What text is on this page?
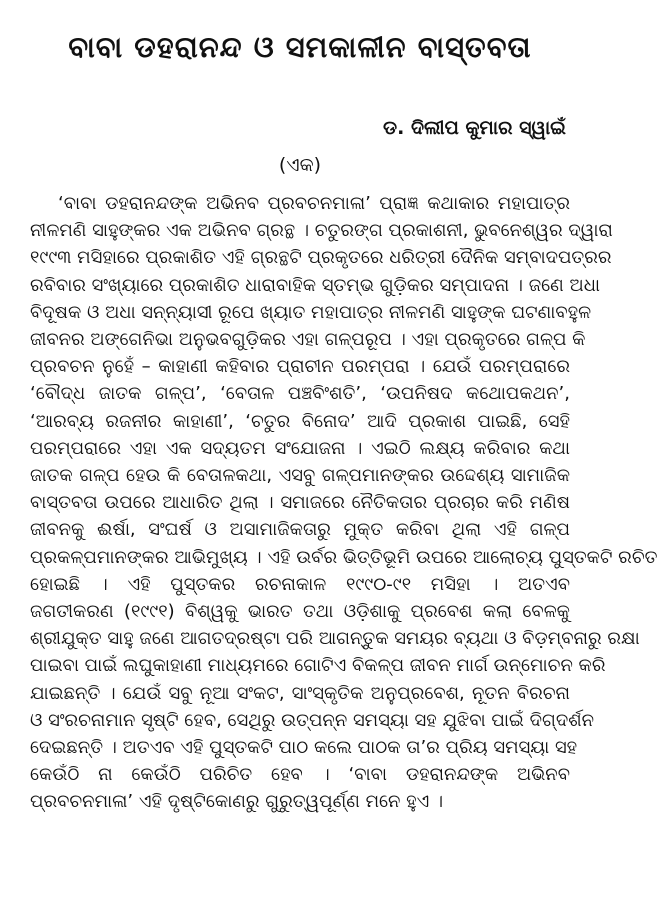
ବାବା ଡହରାନନ୍ଦ ଓ ସମକାଳୀନ ବାସ୍ତବତା
ଡ. ଦିଲୀପ କୁମାର ସ୍ୱାଇଁ
(ଏକ)
‘ବାବା ଡହରାନନ୍ଦଙ୍କ ଅଭିନବ ପ୍ରବଚନମାଳା’ ପ୍ରାଜ୍ଞ କଥାକାର ମହାପାତ୍ର
ନୀଳମଣି ସାହୁଙ୍କର ଏକ ଅଭିନବ ଗ୍ରନ୍ଥ । ଚତୁରଙ୍ଗ ପ୍ରକାଶନୀ, ଭୁବନେଶ୍ୱର ଦ୍ୱାରା
୧୯୯୩ ମସିହାରେ ପ୍ରକାଶିତ ଏହି ଗ୍ରନ୍ଥଟି ପ୍ରକୃତରେ ଧରିତ୍ରୀ ଦୈନିକ ସମ୍ବାଦପତ୍ରର
ରବିବାର ସଂଖ୍ୟାରେ ପ୍ରକାଶିତ ଧାରାବାହିକ ସ୍ତମ୍ଭ ଗୁଡ଼ିକର ସମ୍ପାଦନା । ଜଣେ ଅଧା
ବିଦୂଷକ ଓ ଅଧା ସନ୍ନ୍ୟାସୀ ରୂପେ ଖ୍ୟାତ ମହାପାତ୍ର ନୀଳମଣି ସାହୁଙ୍କ ଘଟଣାବହୁଳ
ଜୀବନର ଅଙ୍ଗେନିଭା ଅନୁଭବଗୁଡ଼ିକର ଏହା ଗଳ୍ପରୂପ । ଏହା ପ୍ରକୃତରେ ଗଳ୍ପ କି
ପ୍ରବଚନ ନୁହେଁ – କାହାଣୀ କହିବାର ପ୍ରାଚୀନ ପରମ୍ପରା । ଯେଉଁ ପରମ୍ପରାରେ
‘ବୌଦ୍ଧ ଜାତକ ଗଳ୍ପ’, ‘ବେତାଳ ପଞ୍ଚବିଂଶତି’, ‘ଉପନିଷଦ କଥୋପକଥନ’,
‘ଆରବ୍ୟ ରଜନୀର କାହାଣୀ’, ‘ଚତୁର ବିନୋଦ’ ଆଦି ପ୍ରକାଶ ପାଇଛି, ସେହି
ପରମ୍ପରାରେ ଏହା ଏକ ସଦ୍ୟତମ ସଂଯୋଜନା । ଏଇଠି ଲକ୍ଷ୍ୟ କରିବାର କଥା
ଜାତକ ଗଳ୍ପ ହେଉ କି ବେତାଳକଥା, ଏସବୁ ଗଳ୍ପମାନଙ୍କର ଉଦ୍ଦେଶ୍ୟ ସାମାଜିକ
ବାସ୍ତବତା ଉପରେ ଆଧାରିତ ଥିଲା । ସମାଜରେ ନୈତିକତାର ପ୍ରଚାର କରି ମଣିଷ
ଜୀବନକୁ ଈର୍ଷା, ସଂଘର୍ଷ ଓ ଅସାମାଜିକତାରୁ ମୁକ୍ତ କରିବା ଥିଲା ଏହି ଗଳ୍ପ
ପ୍ରକଳ୍ପମାନଙ୍କର ଆଭିମୁଖ୍ୟ । ଏହି ଉର୍ବର ଭିତ୍ତିଭୂମି ଉପରେ ଆଲୋଚ୍ୟ ପୁସ୍ତକଟି ରଚିତ
ହୋଇଛି । ଏହି ପୁସ୍ତକର ରଚନାକାଳ ୧୯୯୦-୯୧ ମସିହା । ଅତଏବ
ଜଗତୀକରଣ (୧୯୯୧) ବିଶ୍ୱକୁ ଭାରତ ତଥା ଓଡ଼ିଶାକୁ ପ୍ରବେଶ କଲା ବେଳକୁ
ଶ୍ରୀଯୁକ୍ତ ସାହୁ ଜଣେ ଆଗତଦ୍ରଷ୍ଟା ପରି ଆଗନ୍ତୁକ ସମୟର ବ୍ୟଥା ଓ ବିଡ଼ମ୍ବନାରୁ ରକ୍ଷା
ପାଇବା ପାଇଁ ଲଘୁକାହାଣୀ ମାଧ୍ୟମରେ ଗୋଟିଏ ବିକଳ୍ପ ଜୀବନ ମାର୍ଗ ଉନ୍ମୋଚନ କରି
ଯାଇଛନ୍ତି । ଯେଉଁ ସବୁ ନୂଆ ସଂକଟ, ସାଂସ୍କୃତିକ ଅନୁପ୍ରବେଶ, ନୂତନ ବିରଚନା
ଓ ସଂରଚନାମାନ ସୃଷ୍ଟି ହେବ, ସେଥିରୁ ଉତ୍ପନ୍ନ ସମସ୍ୟା ସହ ଯୁଝିବା ପାଇଁ ଦିଗ୍‌ଦର୍ଶନ
ଦେଇଛନ୍ତି । ଅତଏବ ଏହି ପୁସ୍ତକଟି ପାଠ କଲେ ପାଠକ ତା’ର ପ୍ରିୟ ସମସ୍ୟା ସହ
କେଉଁଠି ନା କେଉଁଠି ପରିଚିତ ହେବ । ‘ବାବା ଡହରାନନ୍ଦଙ୍କ ଅଭିନବ
ପ୍ରବଚନମାଳା’ ଏହି ଦୃଷ୍ଟିକୋଣରୁ ଗୁରୁତ୍ୱପୂର୍ଣ୍ଣ ମନେ ହୁଏ ।
